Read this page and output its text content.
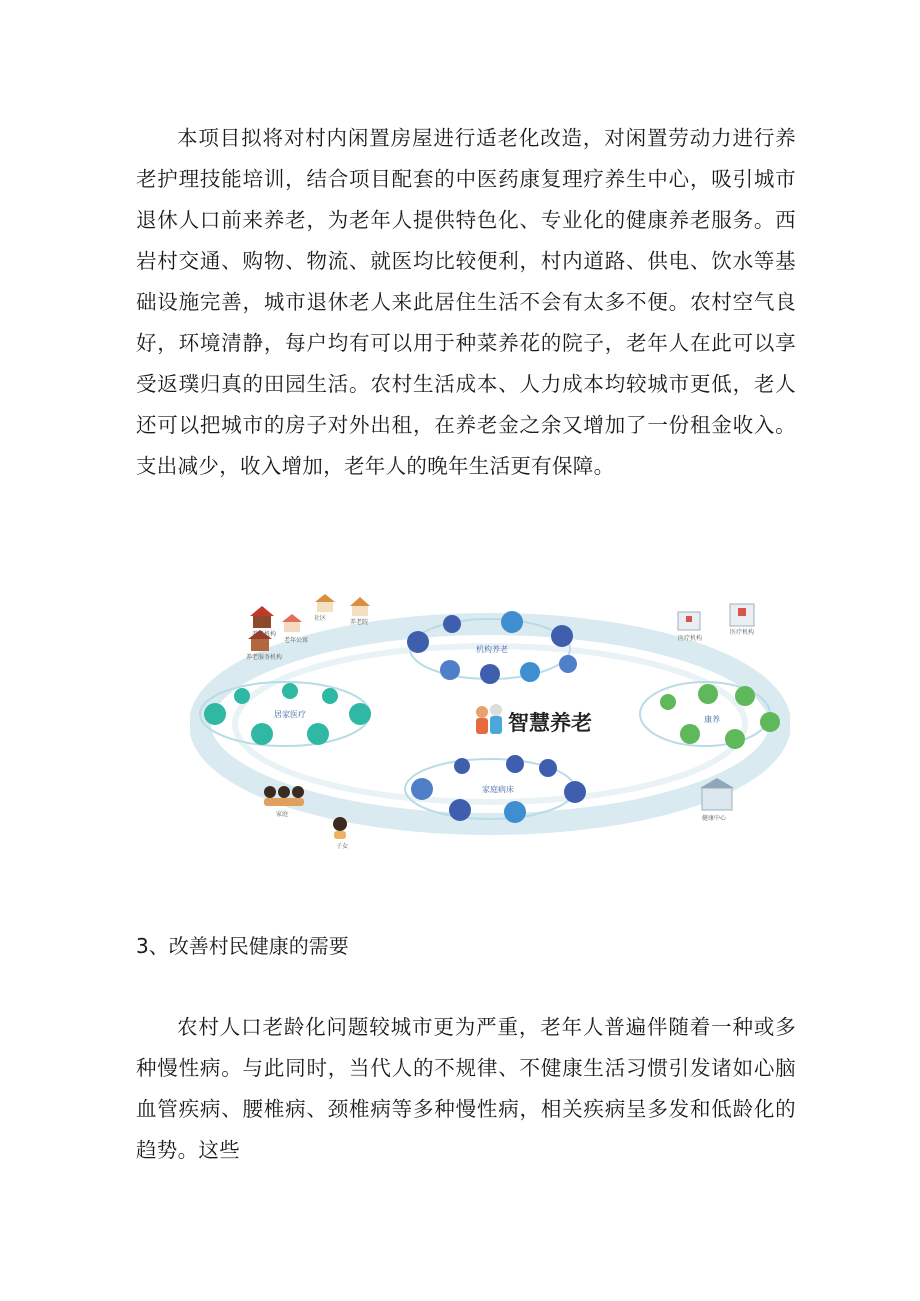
本项目拟将对村内闲置房屋进行适老化改造，对闲置劳动力进行养老护理技能培训，结合项目配套的中医药康复理疗养生中心，吸引城市退休人口前来养老，为老年人提供特色化、专业化的健康养老服务。西岩村交通、购物、物流、就医均比较便利，村内道路、供电、饮水等基础设施完善，城市退休老人来此居住生活不会有太多不便。农村空气良好，环境清静，每户均有可以用于种菜养花的院子，老年人在此可以享受返璞归真的田园生活。农村生活成本、人力成本均较城市更低，老人还可以把城市的房子对外出租，在养老金之余又增加了一份租金收入。支出减少，收入增加，老年人的晚年生活更有保障。

机构养老
居家医疗
家庭病床
康养
智慧养老
养老机构
老年公寓
养老服务机构
社区
养老院
医疗机构
医疗机构
家庭
子女
健康中心
3、改善村民健康的需要

农村人口老龄化问题较城市更为严重，老年人普遍伴随着一种或多种慢性病。与此同时，当代人的不规律、不健康生活习惯引发诸如心脑血管疾病、腰椎病、颈椎病等多种慢性病，相关疾病呈多发和低龄化的趋势。这些
